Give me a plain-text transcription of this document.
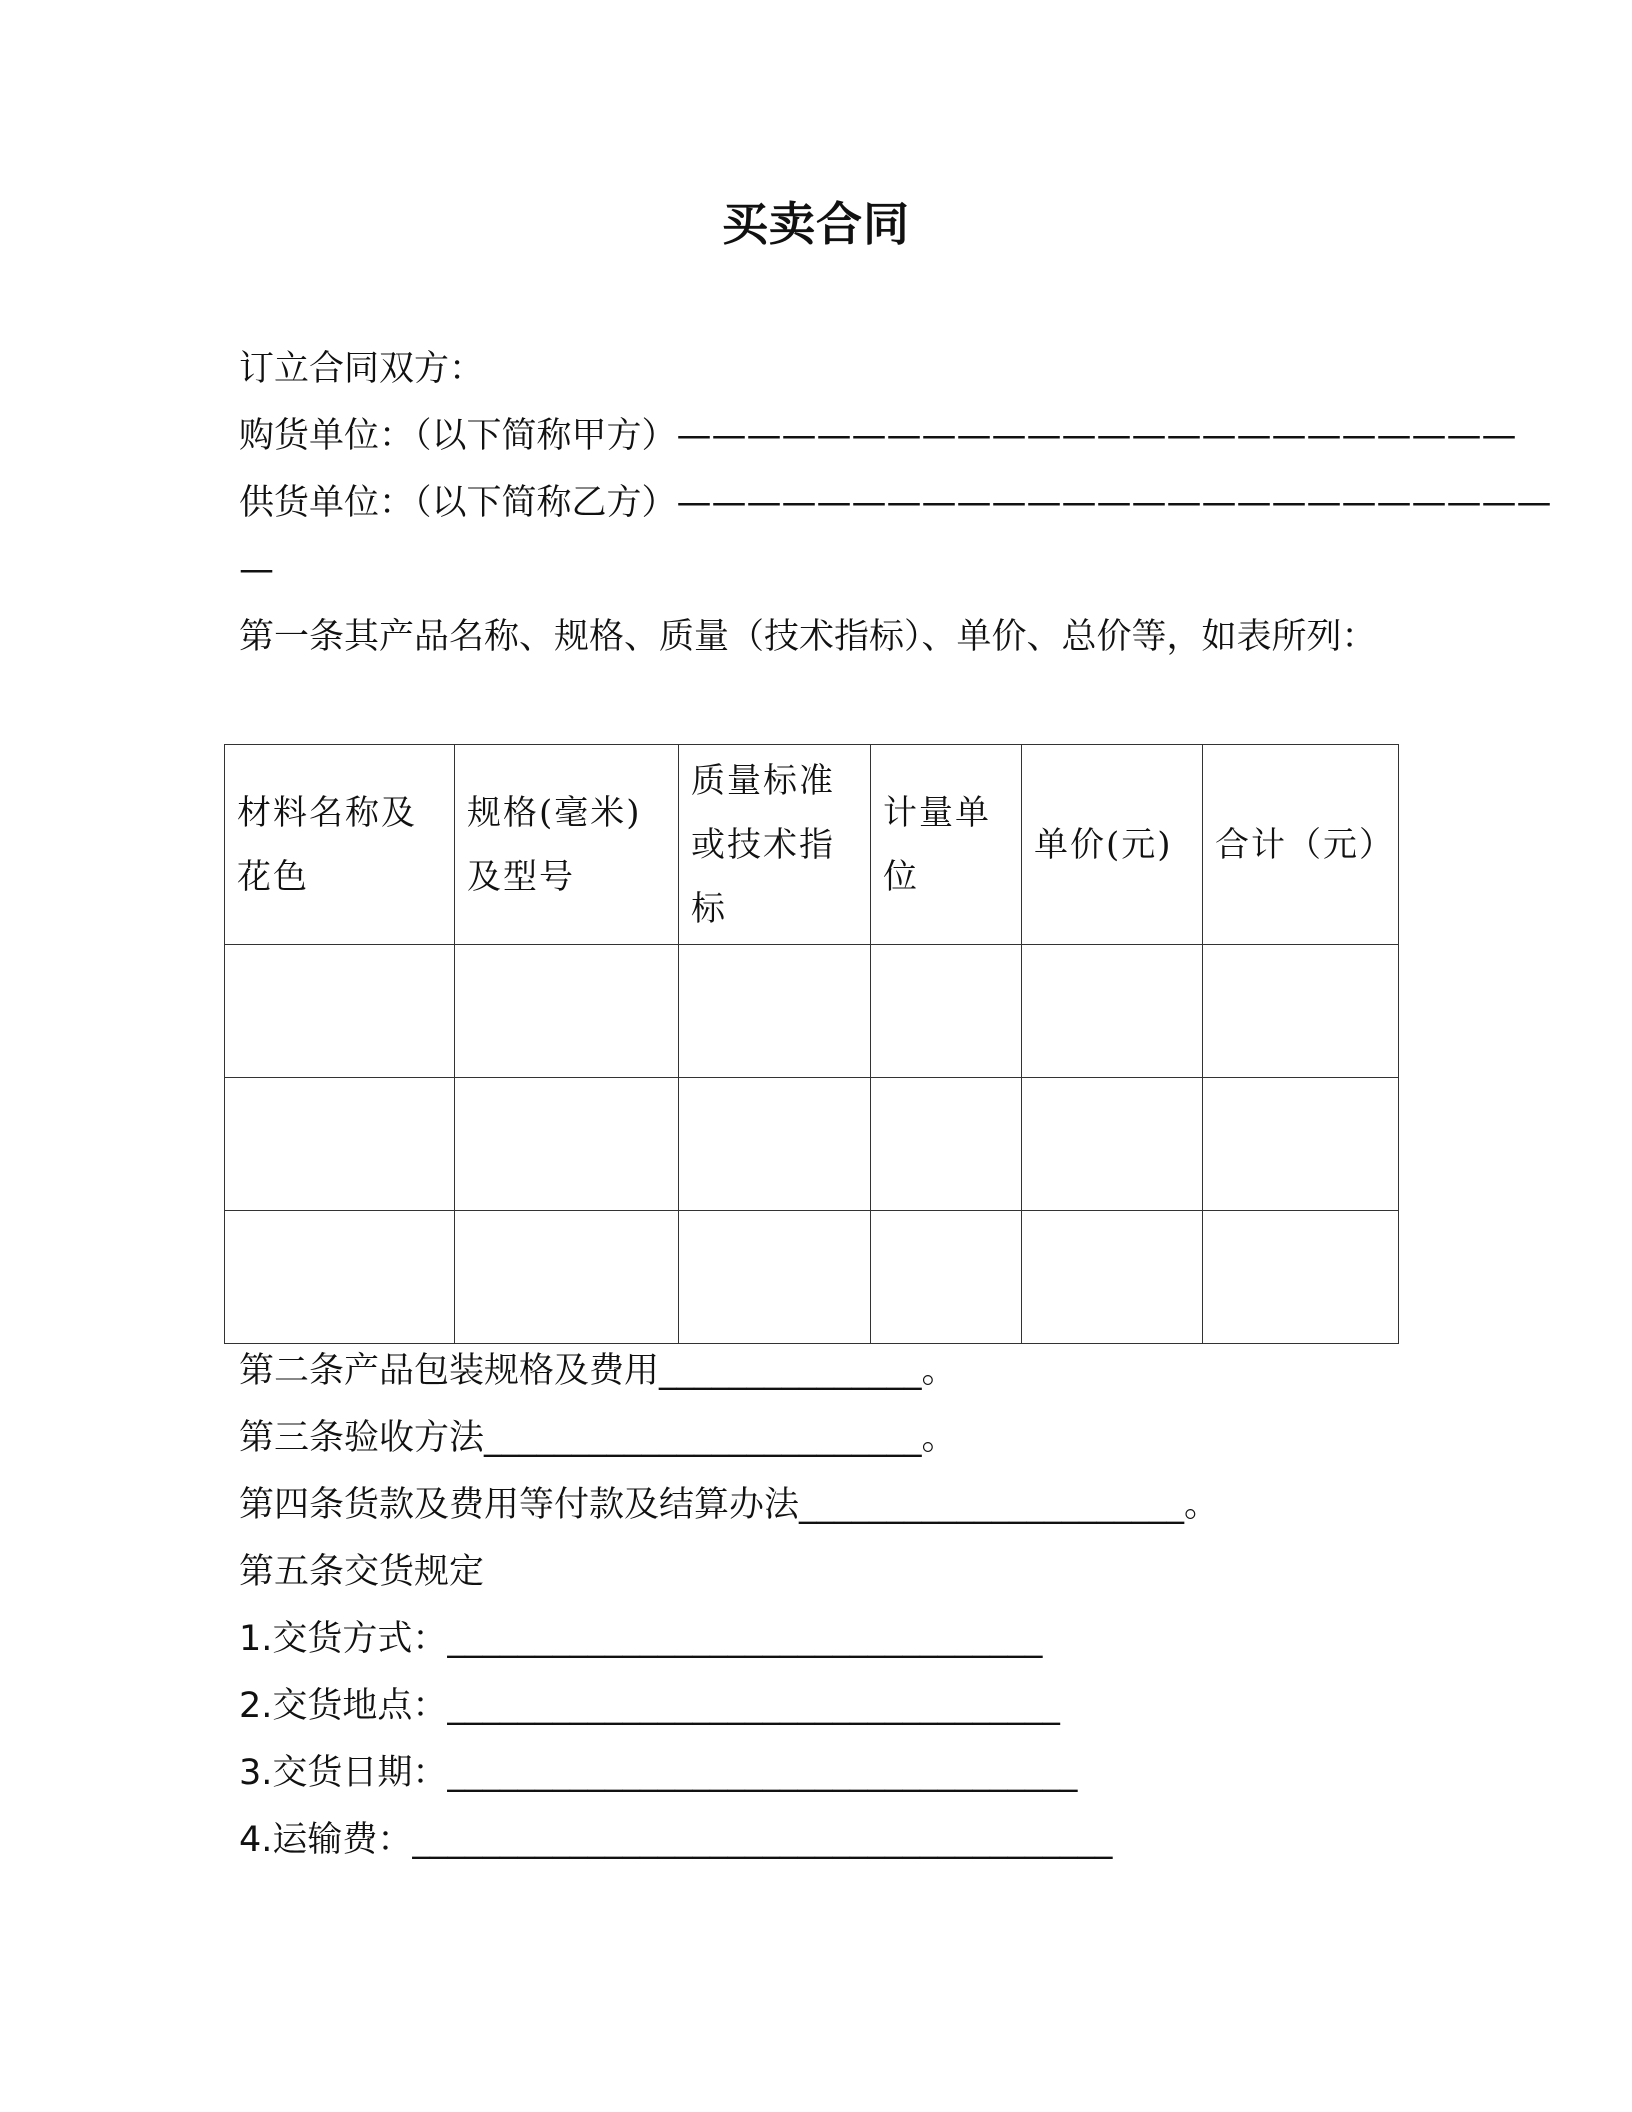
买卖合同
订立合同双方：
购货单位：（以下简称甲方）————————————————————————
供货单位：（以下简称乙方）—————————————————————————
—
第一条其产品名称、规格、质量（技术指标）、单价、总价等，如表所列：
材料名称及花色	规格(毫米)及型号	质量标准或技术指标	计量单位	单价(元)	合计（元）

第二条产品包装规格及费用_______________。
第三条验收方法_________________________。
第四条货款及费用等付款及结算办法______________________。
第五条交货规定
1.交货方式：__________________________________
2.交货地点：___________________________________
3.交货日期：____________________________________
4.运输费：________________________________________
